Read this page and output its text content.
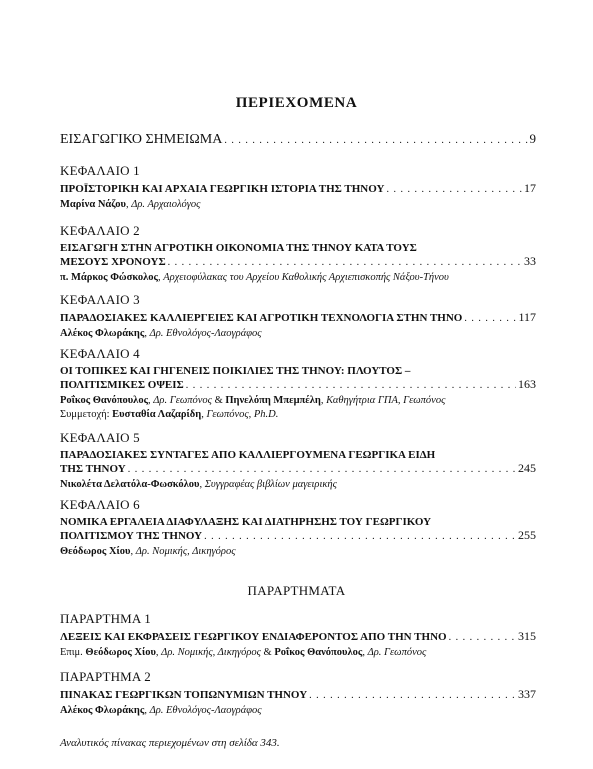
ΠΕΡΙΕΧΟΜΕΝΑ
ΕΙΣΑΓΩΓΙΚΟ ΣΗΜΕΙΩΜΑ . . .	9
ΚΕΦΑΛΑΙΟ 1
ΠΡΟΪΣΤΟΡΙΚΗ ΚΑΙ ΑΡΧΑΙΑ ΓΕΩΡΓΙΚΗ ΙΣΤΟΡΙΑ ΤΗΣ ΤΗΝΟΥ . . .	17
Μαρίνα Νάζου, Δρ. Αρχαιολόγος
ΚΕΦΑΛΑΙΟ 2
ΕΙΣΑΓΩΓΗ ΣΤΗΝ ΑΓΡΟΤΙΚΗ ΟΙΚΟΝΟΜΙΑ ΤΗΣ ΤΗΝΟΥ ΚΑΤΑ ΤΟΥΣ
ΜΕΣΟΥΣ ΧΡΟΝΟΥΣ . . .	33
π. Μάρκος Φώσκολος, Αρχειοφύλακας του Αρχείου Καθολικής Αρχιεπισκοπής Νάξου-Τήνου
ΚΕΦΑΛΑΙΟ 3
ΠΑΡΑΔΟΣΙΑΚΕΣ ΚΑΛΛΙΕΡΓΕΙΕΣ ΚΑΙ ΑΓΡΟΤΙΚΗ ΤΕΧΝΟΛΟΓΙΑ ΣΤΗΝ ΤΗΝΟ . . .	117
Αλέκος Φλωράκης, Δρ. Εθνολόγος-Λαογράφος
ΚΕΦΑΛΑΙΟ 4
ΟΙ ΤΟΠΙΚΕΣ ΚΑΙ ΓΗΓΕΝΕΙΣ ΠΟΙΚΙΛΙΕΣ ΤΗΣ ΤΗΝΟΥ: ΠΛΟΥΤΟΣ –
ΠΟΛΙΤΙΣΜΙΚΕΣ ΟΨΕΙΣ . . .	163
Ροΐκος Θανόπουλος, Δρ. Γεωπόνος & Πηνελόπη Μπεμπέλη, Καθηγήτρια ΓΠΑ, Γεωπόνος
Συμμετοχή: Ευσταθία Λαζαρίδη, Γεωπόνος, Ph.D.
ΚΕΦΑΛΑΙΟ 5
ΠΑΡΑΔΟΣΙΑΚΕΣ ΣΥΝΤΑΓΕΣ ΑΠΟ ΚΑΛΛΙΕΡΓΟΥΜΕΝΑ ΓΕΩΡΓΙΚΑ ΕΙΔΗ
ΤΗΣ ΤΗΝΟΥ . . .	245
Νικολέτα Δελατόλα-Φωσκόλου, Συγγραφέας βιβλίων μαγειρικής
ΚΕΦΑΛΑΙΟ 6
ΝΟΜΙΚΑ ΕΡΓΑΛΕΙΑ ΔΙΑΦΥΛΑΞΗΣ ΚΑΙ ΔΙΑΤΗΡΗΣΗΣ ΤΟΥ ΓΕΩΡΓΙΚΟΥ
ΠΟΛΙΤΙΣΜΟΥ ΤΗΣ ΤΗΝΟΥ . . .	255
Θεόδωρος Χίου, Δρ. Νομικής, Δικηγόρος
ΠΑΡΑΡΤΗΜΑΤΑ
ΠΑΡΑΡΤΗΜΑ 1
ΛΕΞΕΙΣ ΚΑΙ ΕΚΦΡΑΣΕΙΣ ΓΕΩΡΓΙΚΟΥ ΕΝΔΙΑΦΕΡΟΝΤΟΣ ΑΠΟ ΤΗΝ ΤΗΝΟ . . .	315
Επιμ. Θεόδωρος Χίου, Δρ. Νομικής, Δικηγόρος & Ροΐκος Θανόπουλος, Δρ. Γεωπόνος
ΠΑΡΑΡΤΗΜΑ 2
ΠΙΝΑΚΑΣ ΓΕΩΡΓΙΚΩΝ ΤΟΠΩΝΥΜΙΩΝ ΤΗΝΟΥ . . .	337
Αλέκος Φλωράκης, Δρ. Εθνολόγος-Λαογράφος
Αναλυτικός πίνακας περιεχομένων στη σελίδα 343.
